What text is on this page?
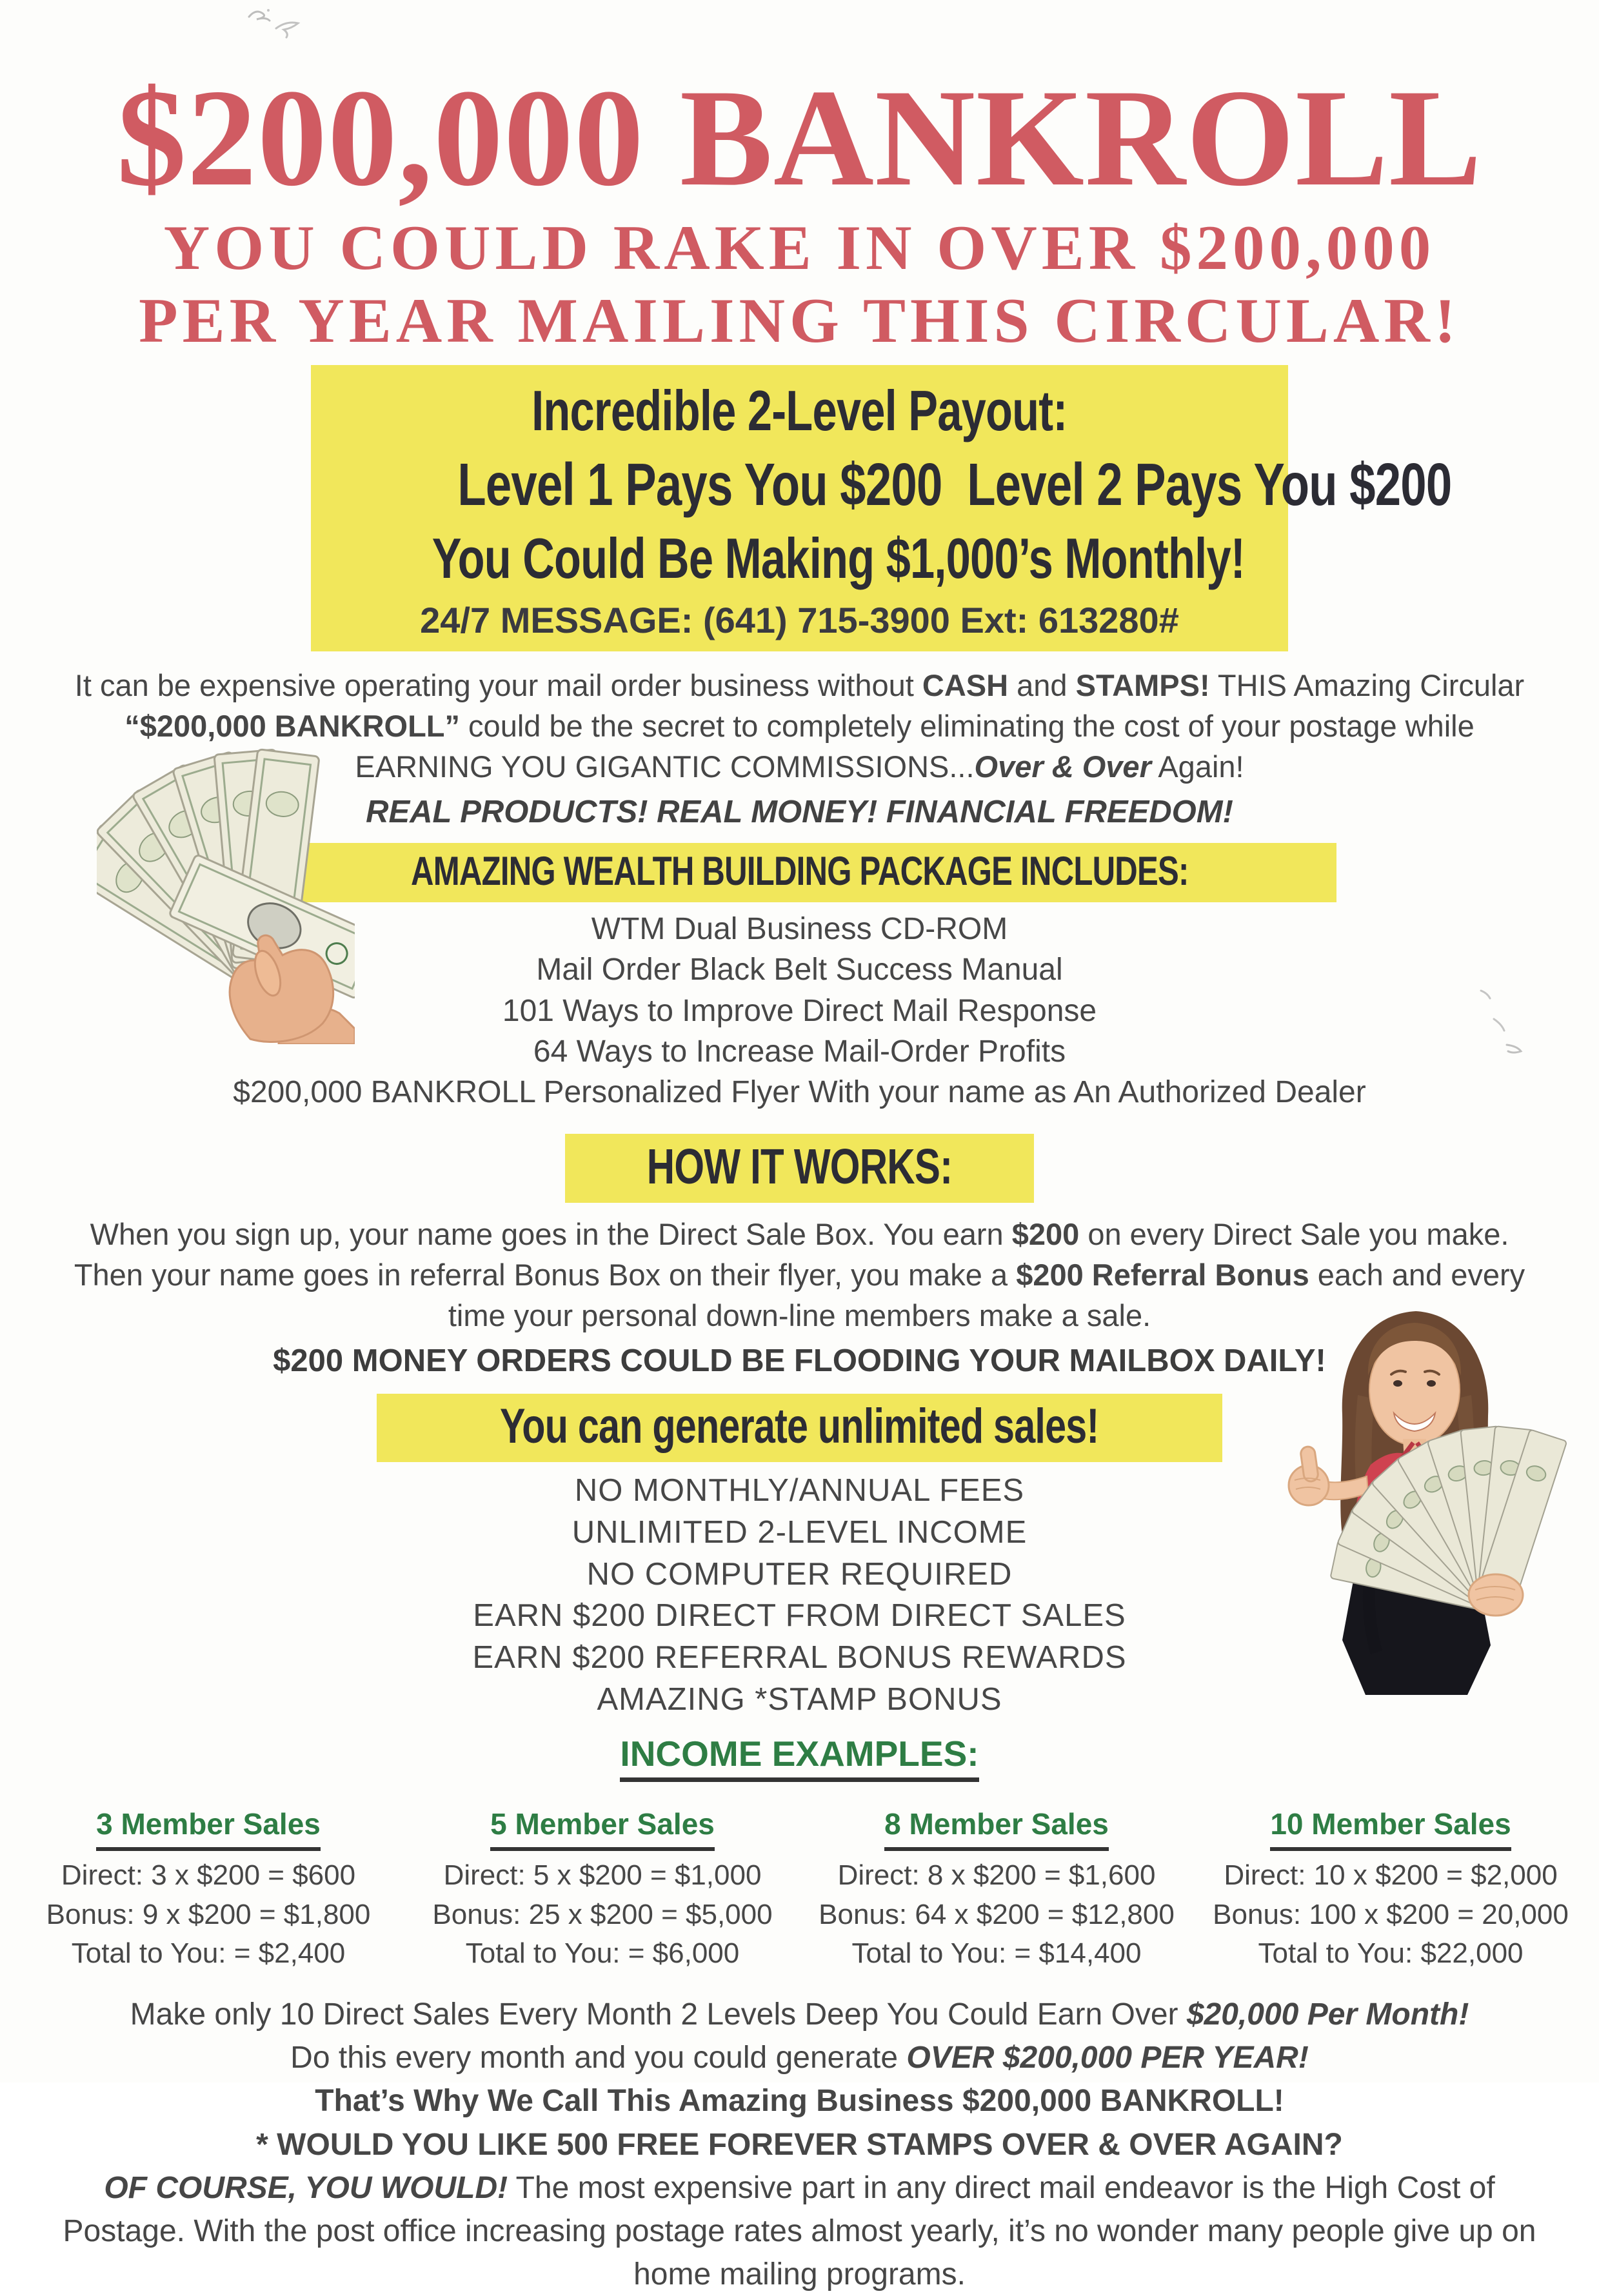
$200,000 BANKROLL
YOU COULD RAKE IN OVER $200,000
PER YEAR MAILING THIS CIRCULAR!
Incredible 2-Level Payout:
Level 1 Pays You $200  Level 2 Pays You $200
You Could Be Making $1,000’s Monthly!
24/7 MESSAGE: (641) 715-3900 Ext: 613280#

It can be expensive operating your mail order business without CASH and STAMPS! THIS Amazing Circular “$200,000 BANKROLL” could be the secret to completely eliminating the cost of your postage while EARNING YOU GIGANTIC COMMISSIONS...Over & Over Again!

REAL PRODUCTS! REAL MONEY! FINANCIAL FREEDOM!

AMAZING WEALTH BUILDING PACKAGE INCLUDES:
WTM Dual Business CD-ROM
Mail Order Black Belt Success Manual
101 Ways to Improve Direct Mail Response
64 Ways to Increase Mail-Order Profits
$200,000 BANKROLL Personalized Flyer With your name as An Authorized Dealer
HOW IT WORKS:

When you sign up, your name goes in the Direct Sale Box. You earn $200 on every Direct Sale you make. Then your name goes in referral Bonus Box on their flyer, you make a $200 Referral Bonus each and every time your personal down-line members make a sale.

$200 MONEY ORDERS COULD BE FLOODING YOUR MAILBOX DAILY!

You can generate unlimited sales!
NO MONTHLY/ANNUAL FEES
UNLIMITED 2-LEVEL INCOME
NO COMPUTER REQUIRED
EARN $200 DIRECT FROM DIRECT SALES
EARN $200 REFERRAL BONUS REWARDS
AMAZING *STAMP BONUS
INCOME EXAMPLES:
3 Member Sales
Direct: 3 x $200 = $600
Bonus: 9 x $200 = $1,800
Total to You: = $2,400
5 Member Sales
Direct: 5 x $200 = $1,000
Bonus: 25 x $200 = $5,000
Total to You: = $6,000
8 Member Sales
Direct: 8 x $200 = $1,600
Bonus: 64 x $200 = $12,800
Total to You: = $14,400
10 Member Sales
Direct: 10 x $200 = $2,000
Bonus: 100 x $200 = 20,000
Total to You: $22,000

Make only 10 Direct Sales Every Month 2 Levels Deep You Could Earn Over $20,000 Per Month!

Do this every month and you could generate OVER $200,000 PER YEAR!

That’s Why We Call This Amazing Business $200,000 BANKROLL!

* WOULD YOU LIKE 500 FREE FOREVER STAMPS OVER & OVER AGAIN?

OF COURSE, YOU WOULD! The most expensive part in any direct mail endeavor is the High Cost of Postage. With the post office increasing postage rates almost yearly, it’s no wonder many people give up on home mailing programs.
